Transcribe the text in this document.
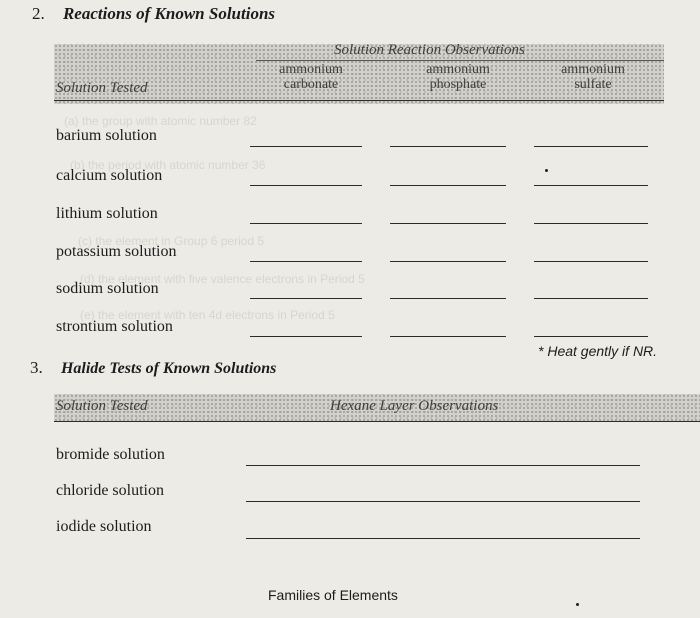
(a) the group with atomic number 82
(b) the period with atomic number 36
(c) the element in Group 6 period 5
(d) the element with five valence electrons in Period 5
(e) the element with ten 4d electrons in Period 5
2. Reactions of Known Solutions
Solution Reaction Observations
ammonium
carbonate
ammonium
phosphate
ammonium
sulfate
Solution Tested
barium solution
calcium solution
lithium solution
potassium solution
sodium solution
strontium solution
* Heat gently if NR.
3. Halide Tests of Known Solutions
Solution Tested	Hexane Layer Observations
bromide solution
chloride solution
iodide solution
Families of Elements
